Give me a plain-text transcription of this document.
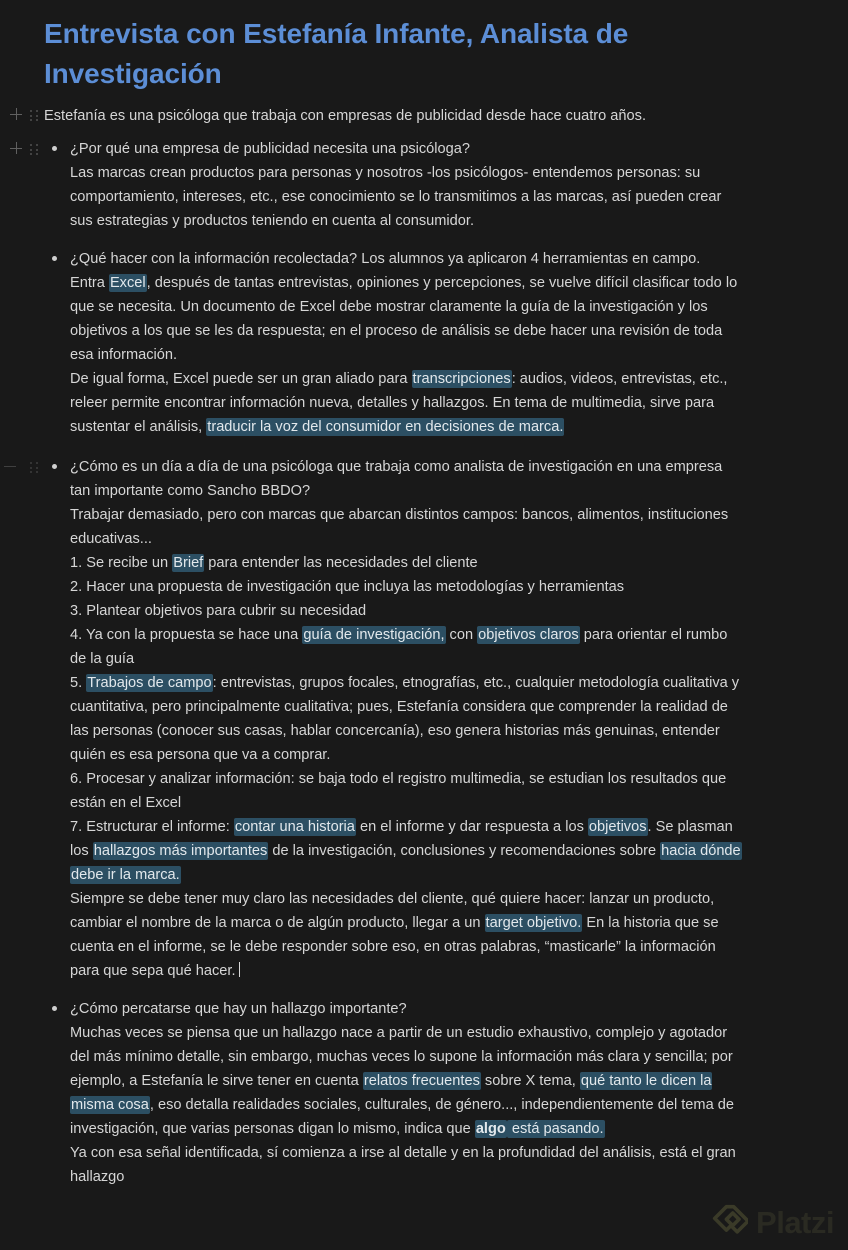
Entrevista con Estefanía Infante, Analista de Investigación
Estefanía es una psicóloga que trabaja con empresas de publicidad desde hace cuatro años.
¿Por qué una empresa de publicidad necesita una psicóloga?
Las marcas crean productos para personas y nosotros -los psicólogos- entendemos personas: su comportamiento, intereses, etc., ese conocimiento se lo transmitimos a las marcas, así pueden crear sus estrategias y productos teniendo en cuenta al consumidor.
¿Qué hacer con la información recolectada? Los alumnos ya aplicaron 4 herramientas en campo.
Entra Excel, después de tantas entrevistas, opiniones y percepciones, se vuelve difícil clasificar todo lo que se necesita. Un documento de Excel debe mostrar claramente la guía de la investigación y los objetivos a los que se les da respuesta; en el proceso de análisis se debe hacer una revisión de toda esa información.
De igual forma, Excel puede ser un gran aliado para transcripciones: audios, videos, entrevistas, etc., releer permite encontrar información nueva, detalles y hallazgos. En tema de multimedia, sirve para sustentar el análisis, traducir la voz del consumidor en decisiones de marca.
¿Cómo es un día a día de una psicóloga que trabaja como analista de investigación en una empresa tan importante como Sancho BBDO?
Trabajar demasiado, pero con marcas que abarcan distintos campos: bancos, alimentos, instituciones educativas...
1. Se recibe un Brief para entender las necesidades del cliente
2. Hacer una propuesta de investigación que incluya las metodologías y herramientas
3. Plantear objetivos para cubrir su necesidad
4. Ya con la propuesta se hace una guía de investigación, con objetivos claros para orientar el rumbo de la guía
5. Trabajos de campo: entrevistas, grupos focales, etnografías, etc., cualquier metodología cualitativa y cuantitativa, pero principalmente cualitativa; pues, Estefanía considera que comprender la realidad de las personas (conocer sus casas, hablar concercanía), eso genera historias más genuinas, entender quién es esa persona que va a comprar.
6. Procesar y analizar información: se baja todo el registro multimedia, se estudian los resultados que están en el Excel
7. Estructurar el informe: contar una historia en el informe y dar respuesta a los objetivos. Se plasman los hallazgos más importantes de la investigación, conclusiones y recomendaciones sobre hacia dónde debe ir la marca.
Siempre se debe tener muy claro las necesidades del cliente, qué quiere hacer: lanzar un producto, cambiar el nombre de la marca o de algún producto, llegar a un target objetivo. En la historia que se cuenta en el informe, se le debe responder sobre eso, en otras palabras, “masticarle” la información para que sepa qué hacer.
¿Cómo percatarse que hay un hallazgo importante?
Muchas veces se piensa que un hallazgo nace a partir de un estudio exhaustivo, complejo y agotador del más mínimo detalle, sin embargo, muchas veces lo supone la información más clara y sencilla; por ejemplo, a Estefanía le sirve tener en cuenta relatos frecuentes sobre X tema, qué tanto le dicen la misma cosa, eso detalla realidades sociales, culturales, de género..., independientemente del tema de investigación, que varias personas digan lo mismo, indica que algo está pasando.
Ya con esa señal identificada, sí comienza a irse al detalle y en la profundidad del análisis, está el gran hallazgo
Platzi
